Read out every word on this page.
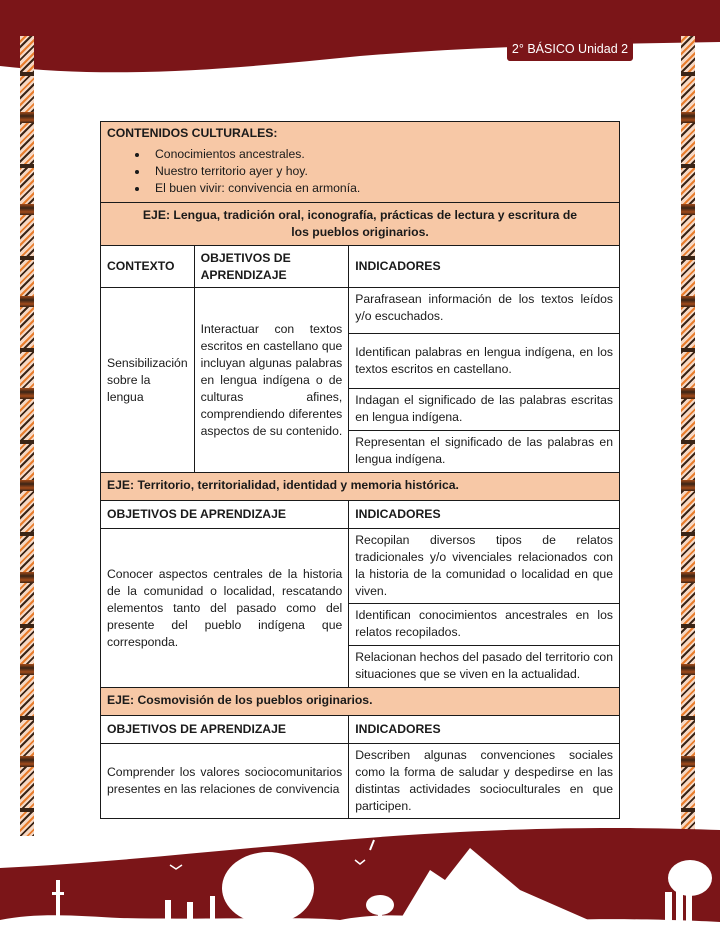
2° BÁSICO Unidad 2
CONTENIDOS CULTURALES:
• Conocimientos ancestrales.
• Nuestro territorio ayer y hoy.
• El buen vivir: convivencia en armonía.

EJE: Lengua, tradición oral, iconografía, prácticas de lectura y escritura de los pueblos originarios.		
CONTEXTO	OBJETIVOS DE APRENDIZAJE	INDICADORES
Sensibilización sobre la lengua	Interactuar con textos escritos en castellano que incluyan algunas palabras en lengua indígena o de culturas afines, comprendiendo diferentes aspectos de su contenido.	Parafrasean información de los textos leídos y/o escuchados.
		Identifican palabras en lengua indígena, en los textos escritos en castellano.
		Indagan el significado de las palabras escritas en lengua indígena.
		Representan el significado de las palabras en lengua indígena.
EJE: Territorio, territorialidad, identidad y memoria histórica.		
OBJETIVOS DE APRENDIZAJE		INDICADORES
Conocer aspectos centrales de la historia de la comunidad o localidad, rescatando elementos tanto del pasado como del presente del pueblo indígena que corresponda.		Recopilan diversos tipos de relatos tradicionales y/o vivenciales relacionados con la historia de la comunidad o localidad en que viven.
		Identifican conocimientos ancestrales en los relatos recopilados.
		Relacionan hechos del pasado del territorio con situaciones que se viven en la actualidad.
EJE: Cosmovisión de los pueblos originarios.		
OBJETIVOS DE APRENDIZAJE		INDICADORES
Comprender los valores sociocomunitarios presentes en las relaciones de convivencia		Describen algunas convenciones sociales como la forma de saludar y despedirse en las distintas actividades socioculturales en que participen.
